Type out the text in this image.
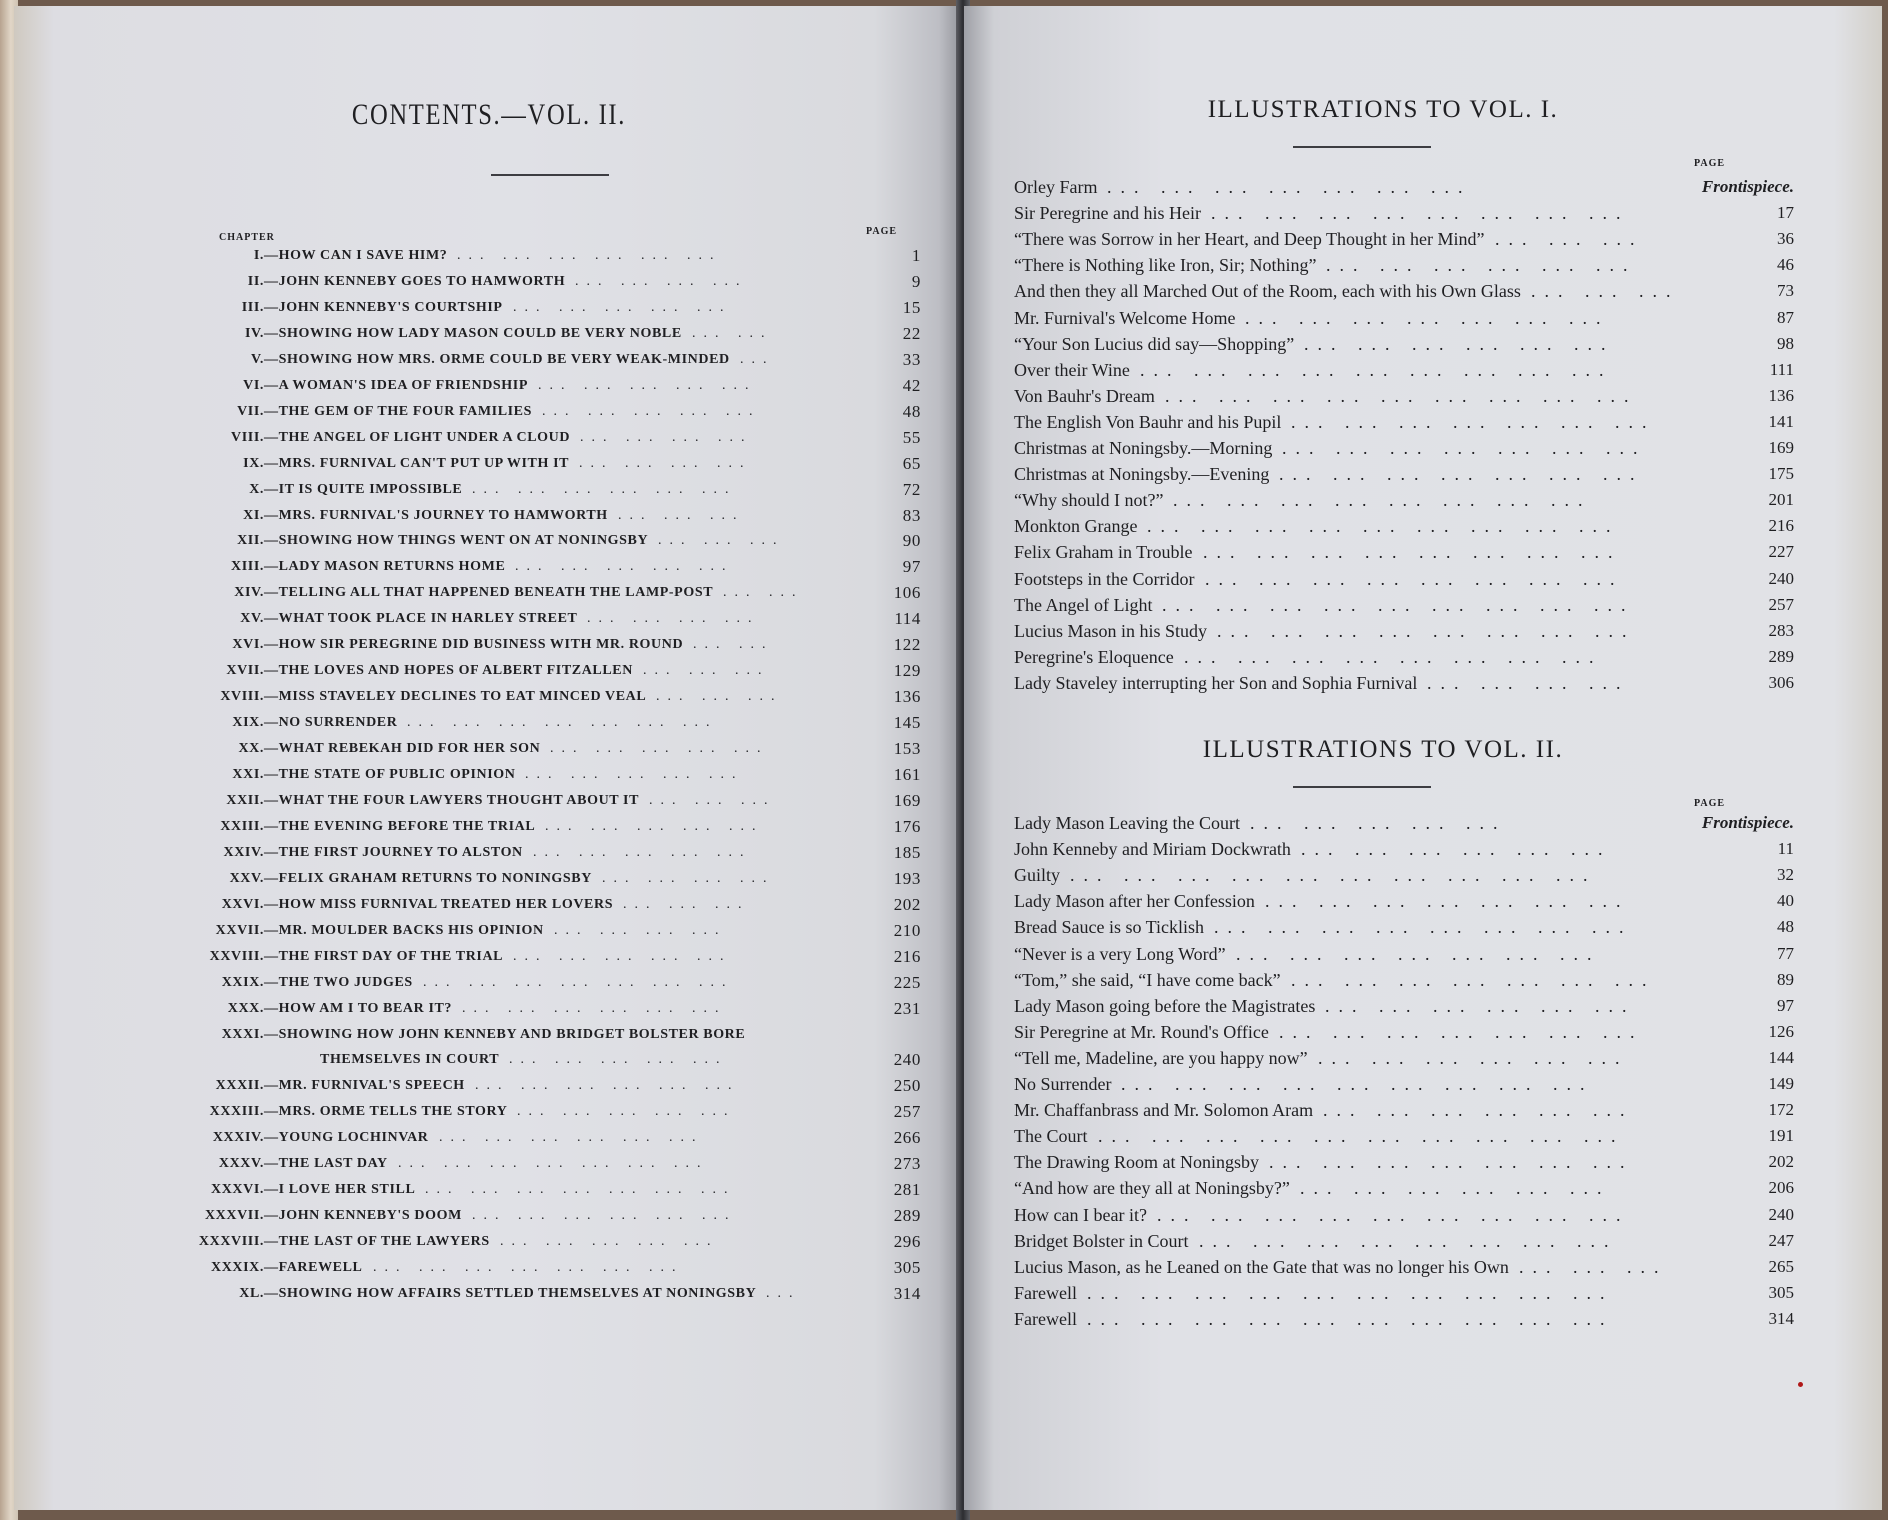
CONTENTS.—VOL. II.
CHAPTER
PAGE
I. —HOW CAN I SAVE HIM? ... ... ... ... ... ...	1
II. —JOHN KENNEBY GOES TO HAMWORTH ... ... ... ...	9
III. —JOHN KENNEBY'S COURTSHIP ... ... ... ... ...	15
IV. —SHOWING HOW LADY MASON COULD BE VERY NOBLE ... ...	22
V. —SHOWING HOW MRS. ORME COULD BE VERY WEAK-MINDED ...	33
VI. —A WOMAN'S IDEA OF FRIENDSHIP ... ... ... ... ...	42
VII. —THE GEM OF THE FOUR FAMILIES ... ... ... ... ...	48
VIII. —THE ANGEL OF LIGHT UNDER A CLOUD ... ... ... ...	55
IX. —MRS. FURNIVAL CAN'T PUT UP WITH IT ... ... ... ...	65
X. —IT IS QUITE IMPOSSIBLE ... ... ... ... ... ...	72
XI. —MRS. FURNIVAL'S JOURNEY TO HAMWORTH ... ... ...	83
XII. —SHOWING HOW THINGS WENT ON AT NONINGSBY ... ... ...	90
XIII. —LADY MASON RETURNS HOME ... ... ... ... ...	97
XIV. —TELLING ALL THAT HAPPENED BENEATH THE LAMP-POST ... ...	106
XV. —WHAT TOOK PLACE IN HARLEY STREET ... ... ... ...	114
XVI. —HOW SIR PEREGRINE DID BUSINESS WITH MR. ROUND ... ...	122
XVII. —THE LOVES AND HOPES OF ALBERT FITZALLEN ... ... ...	129
XVIII. —MISS STAVELEY DECLINES TO EAT MINCED VEAL ... ... ...	136
XIX. —NO SURRENDER ... ... ... ... ... ... ...	145
XX. —WHAT REBEKAH DID FOR HER SON ... ... ... ... ...	153
XXI. —THE STATE OF PUBLIC OPINION ... ... ... ... ...	161
XXII. —WHAT THE FOUR LAWYERS THOUGHT ABOUT IT ... ... ...	169
XXIII. —THE EVENING BEFORE THE TRIAL ... ... ... ... ...	176
XXIV. —THE FIRST JOURNEY TO ALSTON ... ... ... ... ...	185
XXV. —FELIX GRAHAM RETURNS TO NONINGSBY ... ... ... ...	193
XXVI. —HOW MISS FURNIVAL TREATED HER LOVERS ... ... ...	202
XXVII. —MR. MOULDER BACKS HIS OPINION ... ... ... ...	210
XXVIII. —THE FIRST DAY OF THE TRIAL ... ... ... ... ...	216
XXIX. —THE TWO JUDGES ... ... ... ... ... ... ...	225
XXX. —HOW AM I TO BEAR IT? ... ... ... ... ... ...	231
XXXI. —SHOWING HOW JOHN KENNEBY AND BRIDGET BOLSTER BORE
THEMSELVES IN COURT ... ... ... ... ...	240
XXXII. —MR. FURNIVAL'S SPEECH ... ... ... ... ... ...	250
XXXIII. —MRS. ORME TELLS THE STORY ... ... ... ... ...	257
XXXIV. —YOUNG LOCHINVAR ... ... ... ... ... ...	266
XXXV. —THE LAST DAY ... ... ... ... ... ... ...	273
XXXVI. —I LOVE HER STILL ... ... ... ... ... ... ...	281
XXXVII. —JOHN KENNEBY'S DOOM ... ... ... ... ... ...	289
XXXVIII. —THE LAST OF THE LAWYERS ... ... ... ... ...	296
XXXIX. —FAREWELL ... ... ... ... ... ... ...	305
XL. —SHOWING HOW AFFAIRS SETTLED THEMSELVES AT NONINGSBY ...	314
ILLUSTRATIONS TO VOL. I.
PAGE
Orley Farm ... ... ... ... ... ... ...	Frontispiece.
Sir Peregrine and his Heir ... ... ... ... ... ... ... ...	17
“There was Sorrow in her Heart, and Deep Thought in her Mind” ... ... ...	36
“There is Nothing like Iron, Sir; Nothing” ... ... ... ... ... ...	46
And then they all Marched Out of the Room, each with his Own Glass ... ... ...	73
Mr. Furnival's Welcome Home ... ... ... ... ... ... ...	87
“Your Son Lucius did say—Shopping” ... ... ... ... ... ...	98
Over their Wine ... ... ... ... ... ... ... ... ...	111
Von Bauhr's Dream ... ... ... ... ... ... ... ... ...	136
The English Von Bauhr and his Pupil ... ... ... ... ... ... ...	141
Christmas at Noningsby.—Morning ... ... ... ... ... ... ...	169
Christmas at Noningsby.—Evening ... ... ... ... ... ... ...	175
“Why should I not?” ... ... ... ... ... ... ... ...	201
Monkton Grange ... ... ... ... ... ... ... ... ...	216
Felix Graham in Trouble ... ... ... ... ... ... ... ...	227
Footsteps in the Corridor ... ... ... ... ... ... ... ...	240
The Angel of Light ... ... ... ... ... ... ... ... ...	257
Lucius Mason in his Study ... ... ... ... ... ... ... ...	283
Peregrine's Eloquence ... ... ... ... ... ... ... ...	289
Lady Staveley interrupting her Son and Sophia Furnival ... ... ... ...	306
ILLUSTRATIONS TO VOL. II.
PAGE
Lady Mason Leaving the Court ... ... ... ... ...	Frontispiece.
John Kenneby and Miriam Dockwrath ... ... ... ... ... ...	11
Guilty ... ... ... ... ... ... ... ... ... ...	32
Lady Mason after her Confession ... ... ... ... ... ... ...	40
Bread Sauce is so Ticklish ... ... ... ... ... ... ... ...	48
“Never is a very Long Word” ... ... ... ... ... ... ...	77
“Tom,” she said, “I have come back” ... ... ... ... ... ... ...	89
Lady Mason going before the Magistrates ... ... ... ... ... ...	97
Sir Peregrine at Mr. Round's Office ... ... ... ... ... ... ...	126
“Tell me, Madeline, are you happy now” ... ... ... ... ... ...	144
No Surrender ... ... ... ... ... ... ... ... ...	149
Mr. Chaffanbrass and Mr. Solomon Aram ... ... ... ... ... ...	172
The Court ... ... ... ... ... ... ... ... ... ...	191
The Drawing Room at Noningsby ... ... ... ... ... ... ...	202
“And how are they all at Noningsby?” ... ... ... ... ... ...	206
How can I bear it? ... ... ... ... ... ... ... ... ...	240
Bridget Bolster in Court ... ... ... ... ... ... ... ...	247
Lucius Mason, as he Leaned on the Gate that was no longer his Own ... ... ...	265
Farewell ... ... ... ... ... ... ... ... ... ...	305
Farewell ... ... ... ... ... ... ... ... ... ...	314
